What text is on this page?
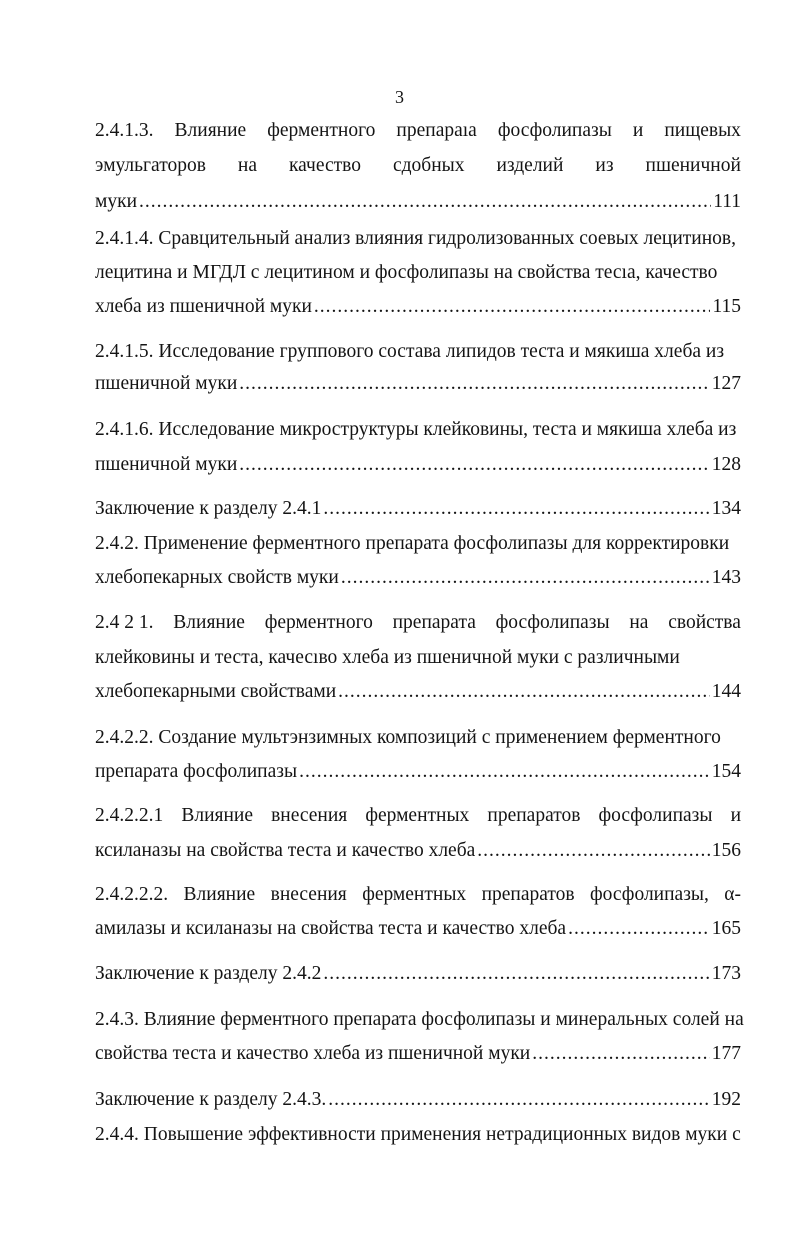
3
2.4.1.3. Влияние ферментного препараıа фосфолипазы и пищевых
эмульгаторов на качество сдобных изделий из пшеничной
муки .....	111
2.4.1.4. Сравцительный анализ влияния гидролизованных соевых лецитинов,
лецитина и МГДЛ с лецитином и фосфолипазы на свойства тесıа, качество
хлеба из пшеничной муки .....	115
2.4.1.5. Исследование группового состава липидов теста и мякиша хлеба из
пшеничной муки .....	127
2.4.1.6. Исследование микроструктуры клейковины, теста и мякиша хлеба из
пшеничной муки .....	128
Заключение к разделу 2.4.1 .....	134
2.4.2. Применение ферментного препарата фосфолипазы для корректировки
хлебопекарных свойств муки .....	143
2.4 2 1. Влияние ферментного препарата фосфолипазы на свойства
клейковины и теста, качесıво хлеба из пшеничной муки с различными
хлебопекарными свойствами .....	144
2.4.2.2. Создание мультэнзимных композиций с применением ферментного
препарата фосфолипазы .....	154
2.4.2.2.1 Влияние внесения ферментных препаратов фосфолипазы и
ксиланазы на свойства теста и качество хлеба .....	156
2.4.2.2.2. Влияние внесения ферментных препаратов фосфолипазы, α-
амилазы и ксиланазы на свойства теста и качество хлеба .....	165
Заключение к разделу 2.4.2 .....	173
2.4.3. Влияние ферментного препарата фосфолипазы и минеральных солей на
свойства теста и качество хлеба из пшеничной муки .....	177
Заключение к разделу 2.4.3. .....	192
2.4.4. Повышение эффективности применения нетрадиционных видов муки с
